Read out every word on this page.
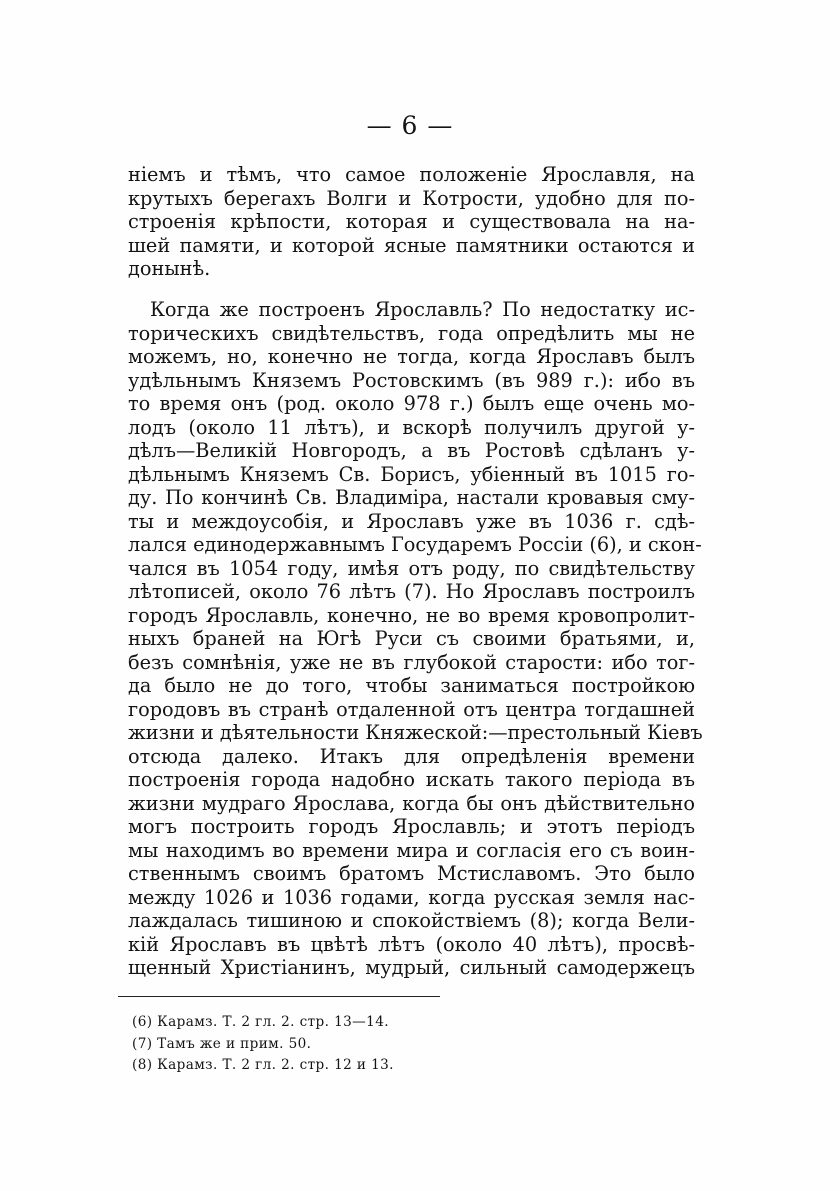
— 6 —
ніемъ и тѣмъ, что самое положеніе Ярославля, на
крутыхъ берегахъ Волги и Котрости, удобно для по-
строенія крѣпости, которая и существовала на на-
шей памяти, и которой ясные памятники остаются и
донынѣ.
Когда же построенъ Ярославль? По недостатку ис-
торическихъ свидѣтельствъ, года опредѣлить мы не
можемъ, но, конечно не тогда, когда Ярославъ былъ
удѣльнымъ Княземъ Ростовскимъ (въ 989 г.): ибо въ
то время онъ (род. около 978 г.) былъ еще очень мо-
лодъ (около 11 лѣтъ), и вскорѣ получилъ другой у-
дѣлъ—Великій Новгородъ, а въ Ростовѣ сдѣланъ у-
дѣльнымъ Княземъ Св. Борисъ, убіенный въ 1015 го-
ду. По кончинѣ Св. Владиміра, настали кровавыя сму-
ты и междоусобія, и Ярославъ уже въ 1036 г. сдѣ-
лался единодержавнымъ Государемъ Россіи (6), и скон-
чался въ 1054 году, имѣя отъ роду, по свидѣтельству
лѣтописей, около 76 лѣтъ (7). Но Ярославъ построилъ
городъ Ярославль, конечно, не во время кровопролит-
ныхъ браней на Югѣ Руси съ своими братьями, и,
безъ сомнѣнія, уже не въ глубокой старости: ибо тог-
да было не до того, чтобы заниматься постройкою
городовъ въ странѣ отдаленной отъ центра тогдашней
жизни и дѣятельности Княжеской:—престольный Кіевъ
отсюда далеко. Итакъ для опредѣленія времени
построенія города надобно искать такого періода въ
жизни мудраго Ярослава, когда бы онъ дѣйствительно
могъ построить городъ Ярославль; и этотъ періодъ
мы находимъ во времени мира и согласія его съ воин-
ственнымъ своимъ братомъ Мстиславомъ. Это было
между 1026 и 1036 годами, когда русская земля нас-
лаждалась тишиною и спокойствіемъ (8); когда Вели-
кій Ярославъ въ цвѣтѣ лѣтъ (около 40 лѣтъ), просвѣ-
щенный Христіанинъ, мудрый, сильный самодержецъ
(6) Карамз. Т. 2 гл. 2. стр. 13—14.
(7) Тамъ же и прим. 50.
(8) Карамз. Т. 2 гл. 2. стр. 12 и 13.
